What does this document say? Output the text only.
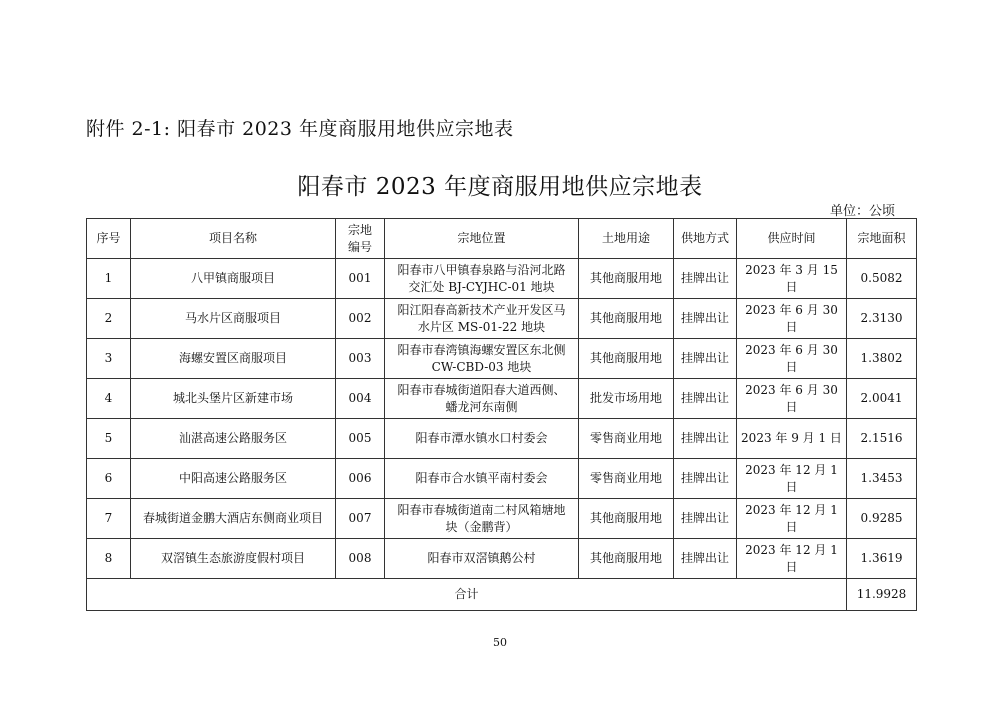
附件 2-1: 阳春市 2023 年度商服用地供应宗地表
阳春市 2023 年度商服用地供应宗地表
单位：公顷
序号	项目名称	宗地编号	宗地位置	土地用途	供地方式	供应时间	宗地面积
1	八甲镇商服项目	001	阳春市八甲镇春泉路与沿河北路交汇处 BJ-CYJHC-01 地块	其他商服用地	挂牌出让	2023 年 3 月 15 日	0.5082
2	马水片区商服项目	002	阳江阳春高新技术产业开发区马水片区 MS-01-22 地块	其他商服用地	挂牌出让	2023 年 6 月 30 日	2.3130
3	海螺安置区商服项目	003	阳春市春湾镇海螺安置区东北侧 CW-CBD-03 地块	其他商服用地	挂牌出让	2023 年 6 月 30 日	1.3802
4	城北头堡片区新建市场	004	阳春市春城街道阳春大道西侧、蟠龙河东南侧	批发市场用地	挂牌出让	2023 年 6 月 30 日	2.0041
5	汕湛高速公路服务区	005	阳春市潭水镇水口村委会	零售商业用地	挂牌出让	2023 年 9 月 1 日	2.1516
6	中阳高速公路服务区	006	阳春市合水镇平南村委会	零售商业用地	挂牌出让	2023 年 12 月 1 日	1.3453
7	春城街道金鹏大酒店东侧商业项目	007	阳春市春城街道南二村风箱塘地块（金鹏背）	其他商服用地	挂牌出让	2023 年 12 月 1 日	0.9285
8	双滘镇生态旅游度假村项目	008	阳春市双滘镇鹅公村	其他商服用地	挂牌出让	2023 年 12 月 1 日	1.3619
合计							11.9928
50
